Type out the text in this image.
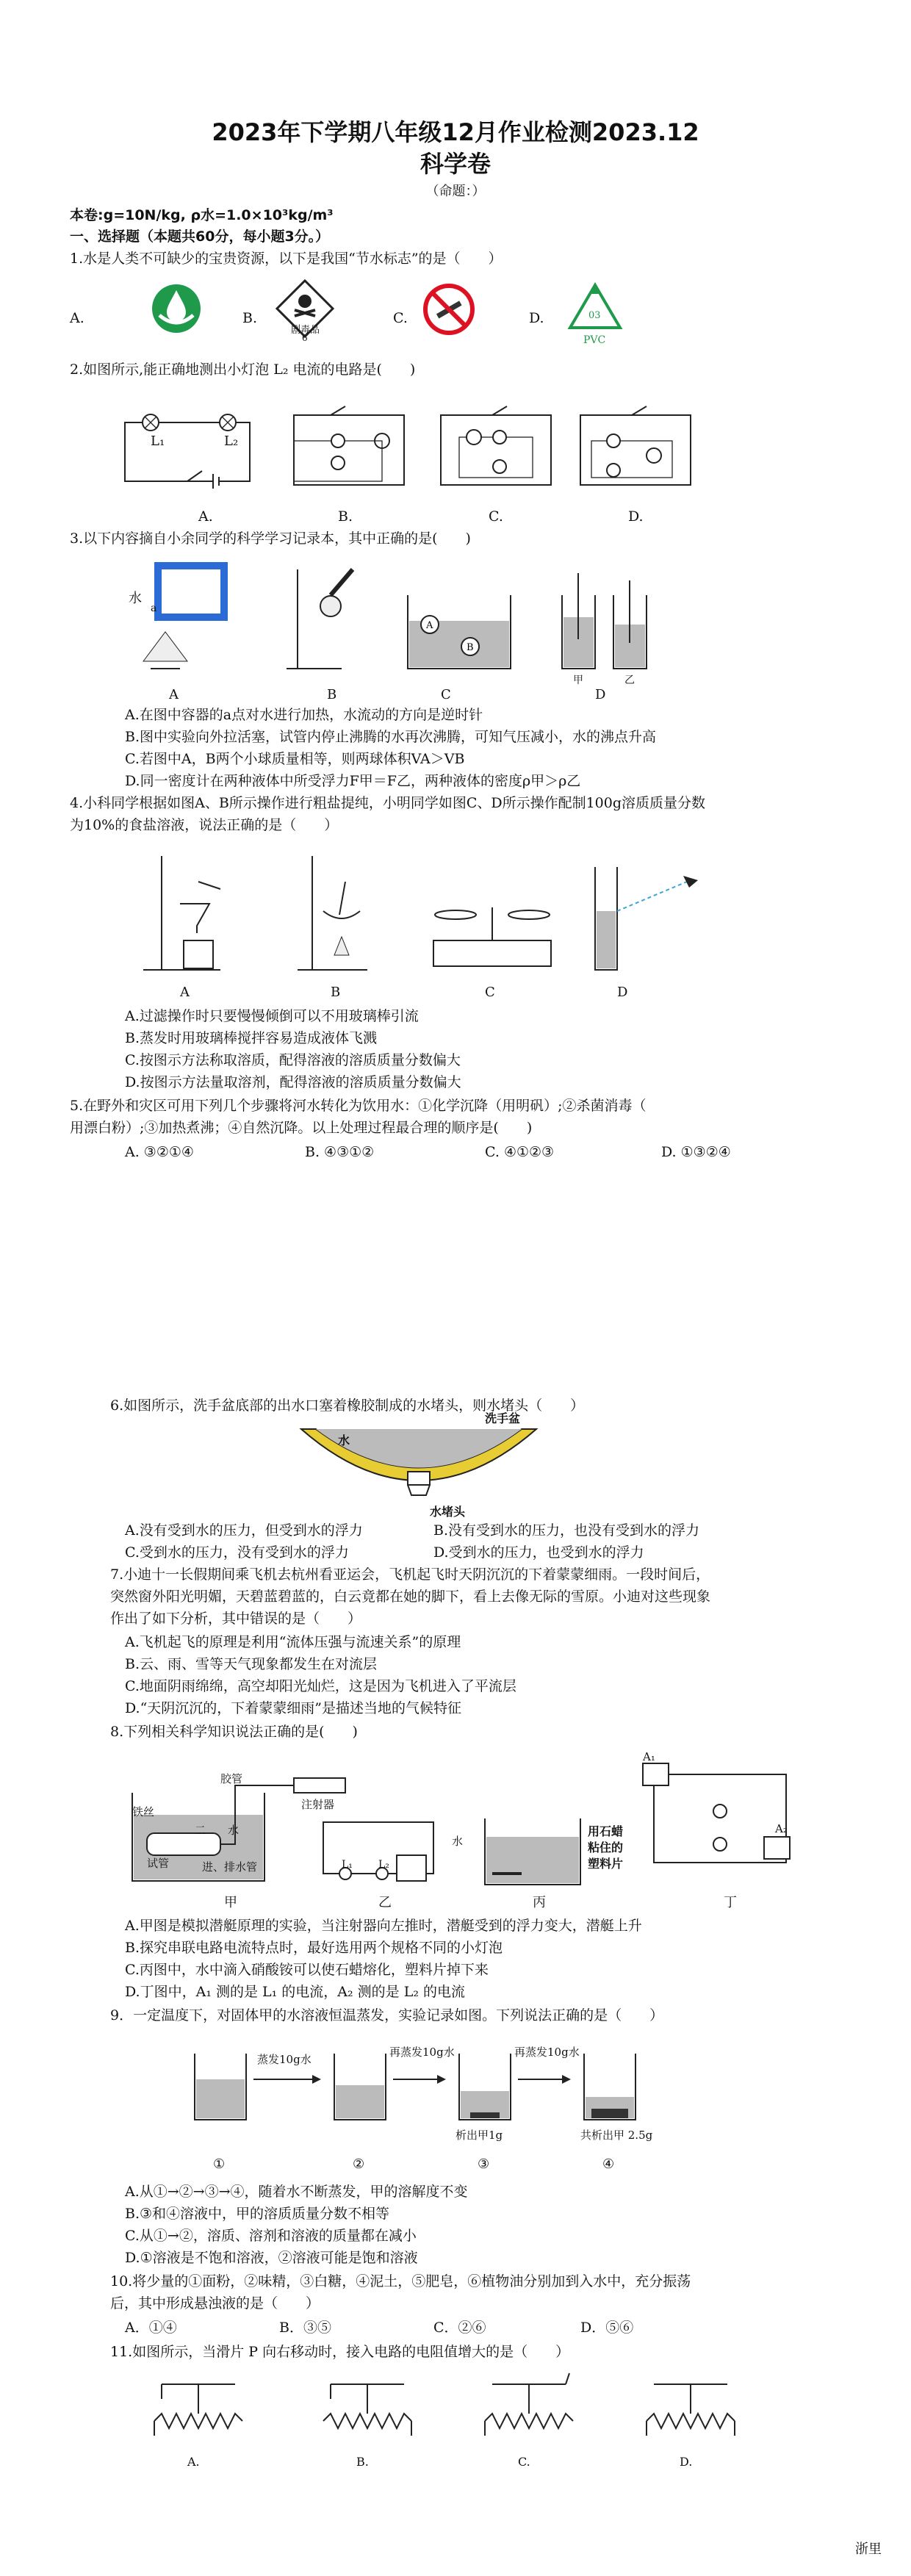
2023年下学期八年级12月作业检测2023.12
科学卷
（命题：）
本卷:g=10N/kg, ρ水=1.0×10³kg/m³
一、选择题（本题共60分，每小题3分。）
1.水是人类不可缺少的宝贵资源，以下是我国“节水标志”的是（　　）
A.	B.	C.	D.
剧毒品
6
03
PVC
2.如图所示,能正确地测出小灯泡 L₂ 电流的电路是(　　)
L₁	L₂
A.	B.	C.	D.
3.以下内容摘自小余同学的科学学习记录本，其中正确的是(　　)
水
a
A
B
甲	乙
A	B	C	D
A.在图中容器的a点对水进行加热，水流动的方向是逆时针
B.图中实验向外拉活塞，试管内停止沸腾的水再次沸腾，可知气压减小，水的沸点升高
C.若图中A，B两个小球质量相等，则两球体积VA＞VB
D.同一密度计在两种液体中所受浮力F甲＝F乙，两种液体的密度ρ甲＞ρ乙
4.小科同学根据如图A、B所示操作进行粗盐提纯，小明同学如图C、D所示操作配制100g溶质质量分数
为10%的食盐溶液，说法正确的是（　　）
A	B	C	D
A.过滤操作时只要慢慢倾倒可以不用玻璃棒引流
B.蒸发时用玻璃棒搅拌容易造成液体飞溅
C.按图示方法称取溶质，配得溶液的溶质质量分数偏大
D.按图示方法量取溶剂，配得溶液的溶质质量分数偏大
5.在野外和灾区可用下列几个步骤将河水转化为饮用水：①化学沉降（用明矾）;②杀菌消毒（
用漂白粉）;③加热煮沸；④自然沉降。以上处理过程最合理的顺序是(　　)
A. ③②①④	B. ④③①②	C. ④①②③	D. ①③②④
6.如图所示，洗手盆底部的出水口塞着橡胶制成的水堵头，则水堵头（　　）
洗手盆
水
水堵头
A.没有受到水的压力，但受到水的浮力	B.没有受到水的压力，也没有受到水的浮力
C.受到水的压力，没有受到水的浮力	D.受到水的压力，也受到水的浮力
7.小迪十一长假期间乘飞机去杭州看亚运会，飞机起飞时天阴沉沉的下着蒙蒙细雨。一段时间后，
突然窗外阳光明媚，天碧蓝碧蓝的，白云竟都在她的脚下，看上去像无际的雪原。小迪对这些现象
作出了如下分析，其中错误的是（　　）
A.飞机起飞的原理是利用“流体压强与流速关系”的原理
B.云、雨、雪等天气现象都发生在对流层
C.地面阴雨绵绵，高空却阳光灿烂，这是因为飞机进入了平流层
D.“天阴沉沉的，下着蒙蒙细雨”是描述当地的气候特征
8.下列相关科学知识说法正确的是(　　)
胶管
注射器
铁丝
二 水
试管	进、排水管	L₁	L₂
用石蜡
粘住的
塑料片
水
A₁
A₂
甲	乙	丙	丁
A.甲图是模拟潜艇原理的实验，当注射器向左推时，潜艇受到的浮力变大，潜艇上升
B.探究串联电路电流特点时，最好选用两个规格不同的小灯泡
C.丙图中，水中滴入硝酸铵可以使石蜡熔化，塑料片掉下来
D.丁图中，A₁ 测的是 L₁ 的电流，A₂ 测的是 L₂ 的电流
9．一定温度下，对固体甲的水溶液恒温蒸发，实验记录如图。下列说法正确的是（　　）
蒸发10g水
再蒸发10g水	再蒸发10g水
析出甲1g	共析出甲 2.5g
①	②	③	④
A.从①→②→③→④，随着水不断蒸发，甲的溶解度不变
B.③和④溶液中，甲的溶质质量分数不相等
C.从①→②，溶质、溶剂和溶液的质量都在减小
D.①溶液是不饱和溶液，②溶液可能是饱和溶液
10.将少量的①面粉，②味精，③白糖，④泥土，⑤肥皂，⑥植物油分别加到入水中，充分振荡
后，其中形成悬浊液的是（　　）
A．①④	B．③⑤	C．②⑥	D．⑤⑥
11.如图所示，当滑片 P 向右移动时，接入电路的电阻值增大的是（　　）
A.	B.	C.	D.
浙里
